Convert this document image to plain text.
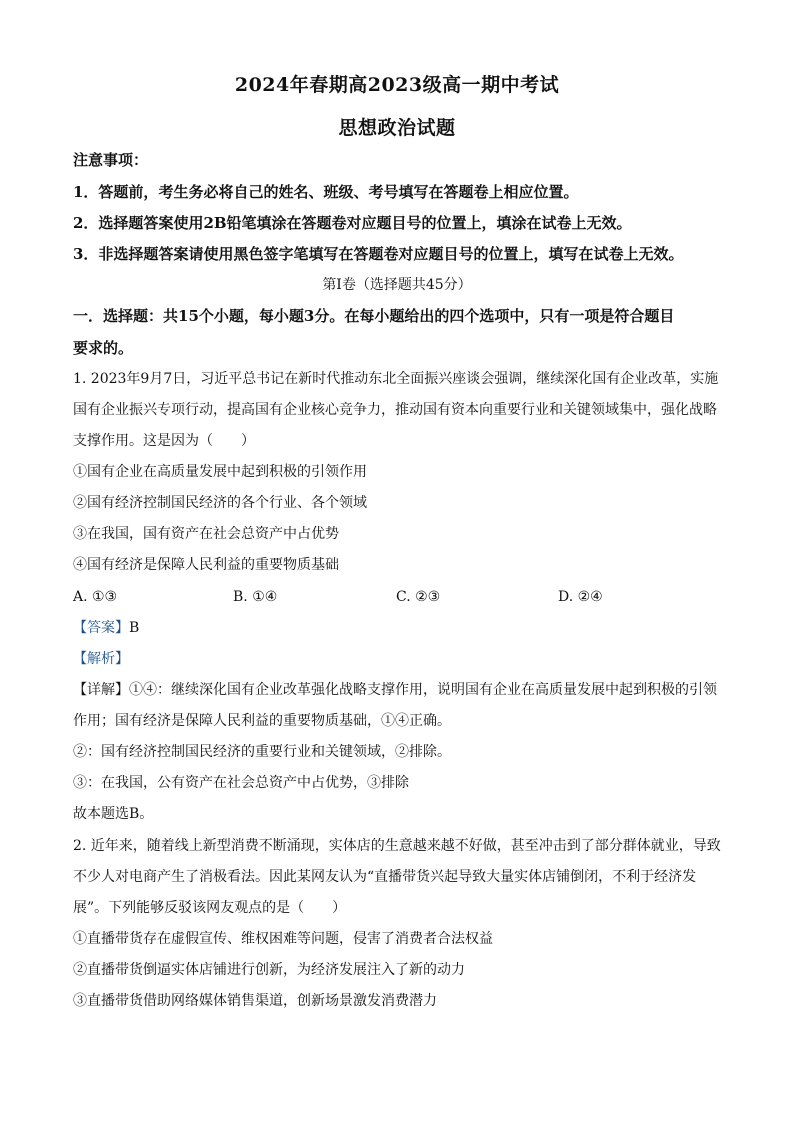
2024年春期高2023级高一期中考试
思想政治试题
注意事项：
1．答题前，考生务必将自己的姓名、班级、考号填写在答题卷上相应位置。
2．选择题答案使用2B铅笔填涂在答题卷对应题目号的位置上，填涂在试卷上无效。
3．非选择题答案请使用黑色签字笔填写在答题卷对应题目号的位置上，填写在试卷上无效。
第Ⅰ卷（选择题共45分）
一．选择题：共15个小题，每小题3分。在每小题给出的四个选项中，只有一项是符合题目
要求的。
1. 2023年9月7日，习近平总书记在新时代推动东北全面振兴座谈会强调，继续深化国有企业改革，实施
国有企业振兴专项行动，提高国有企业核心竞争力，推动国有资本向重要行业和关键领域集中，强化战略
支撑作用。这是因为（　　）
①国有企业在高质量发展中起到积极的引领作用
②国有经济控制国民经济的各个行业、各个领域
③在我国，国有资产在社会总资产中占优势
④国有经济是保障人民利益的重要物质基础
A. ①③	B. ①④	C. ②③	D. ②④
【答案】B
【解析】
【详解】①④：继续深化国有企业改革强化战略支撑作用，说明国有企业在高质量发展中起到积极的引领
作用；国有经济是保障人民利益的重要物质基础，①④正确。
②：国有经济控制国民经济的重要行业和关键领域，②排除。
③：在我国，公有资产在社会总资产中占优势，③排除
故本题选B。
2. 近年来，随着线上新型消费不断涌现，实体店的生意越来越不好做，甚至冲击到了部分群体就业，导致
不少人对电商产生了消极看法。因此某网友认为“直播带货兴起导致大量实体店铺倒闭，不利于经济发
展”。下列能够反驳该网友观点的是（　　）
①直播带货存在虚假宣传、维权困难等问题，侵害了消费者合法权益
②直播带货倒逼实体店铺进行创新，为经济发展注入了新的动力
③直播带货借助网络媒体销售渠道，创新场景激发消费潜力
